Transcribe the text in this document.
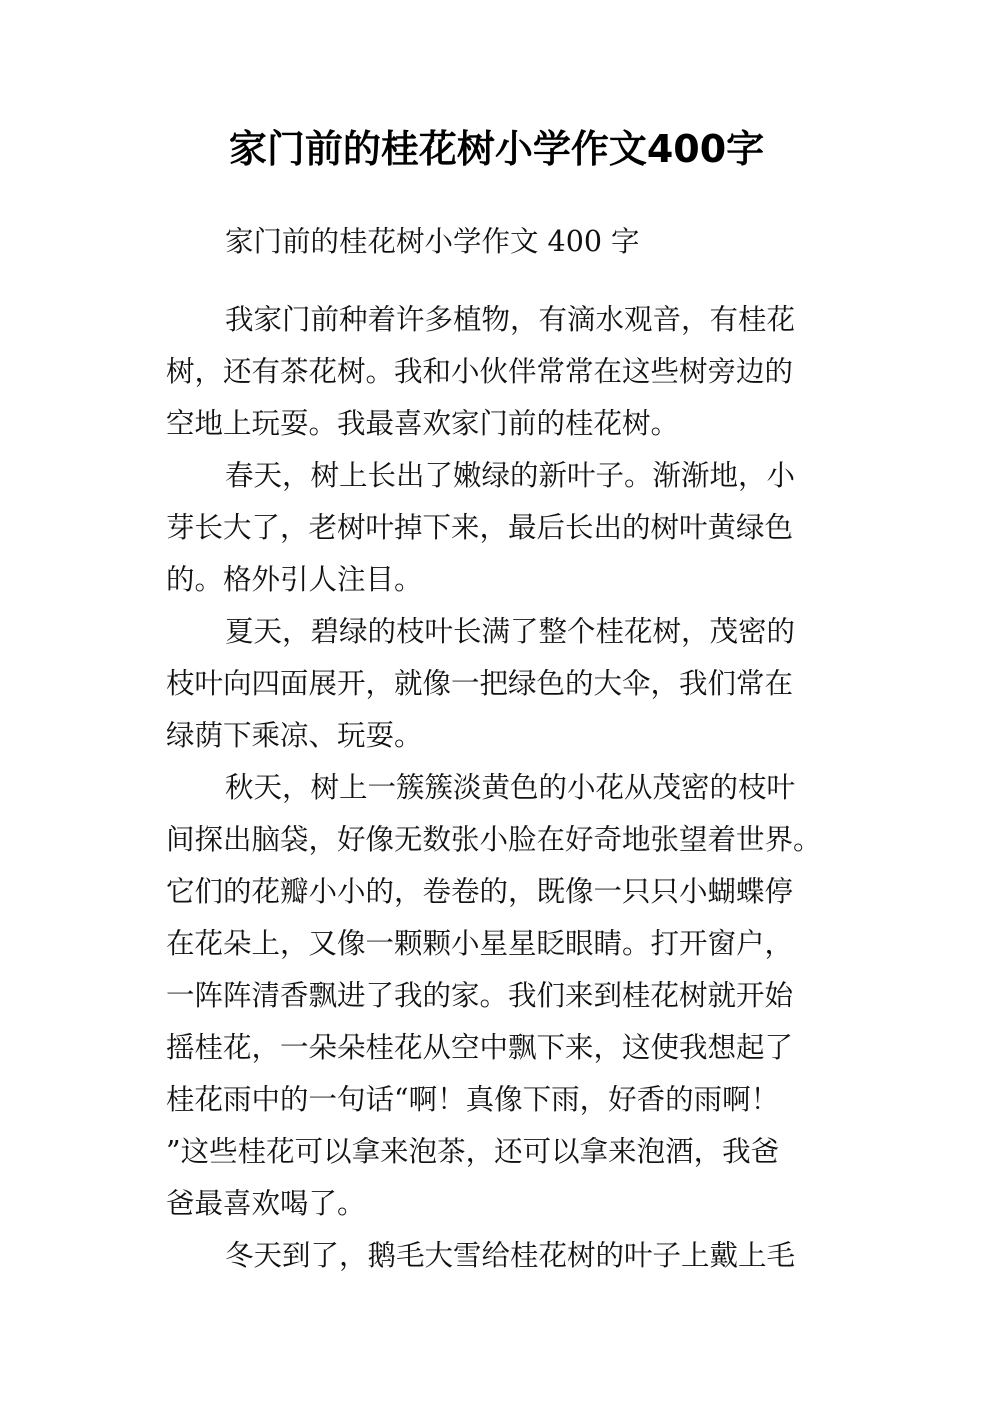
家门前的桂花树小学作文400字

家门前的桂花树小学作文 400 字

我家门前种着许多植物，有滴水观音，有桂花

树，还有茶花树。我和小伙伴常常在这些树旁边的

空地上玩耍。我最喜欢家门前的桂花树。

春天，树上长出了嫩绿的新叶子。渐渐地，小

芽长大了，老树叶掉下来，最后长出的树叶黄绿色

的。格外引人注目。

夏天，碧绿的枝叶长满了整个桂花树，茂密的

枝叶向四面展开，就像一把绿色的大伞，我们常在

绿荫下乘凉、玩耍。

秋天，树上一簇簇淡黄色的小花从茂密的枝叶

间探出脑袋，好像无数张小脸在好奇地张望着世界。

它们的花瓣小小的，卷卷的，既像一只只小蝴蝶停

在花朵上，又像一颗颗小星星眨眼睛。打开窗户，

一阵阵清香飘进了我的家。我们来到桂花树就开始

摇桂花，一朵朵桂花从空中飘下来，这使我想起了

桂花雨中的一句话“啊！真像下雨，好香的雨啊！

”这些桂花可以拿来泡茶，还可以拿来泡酒，我爸

爸最喜欢喝了。

冬天到了，鹅毛大雪给桂花树的叶子上戴上毛
